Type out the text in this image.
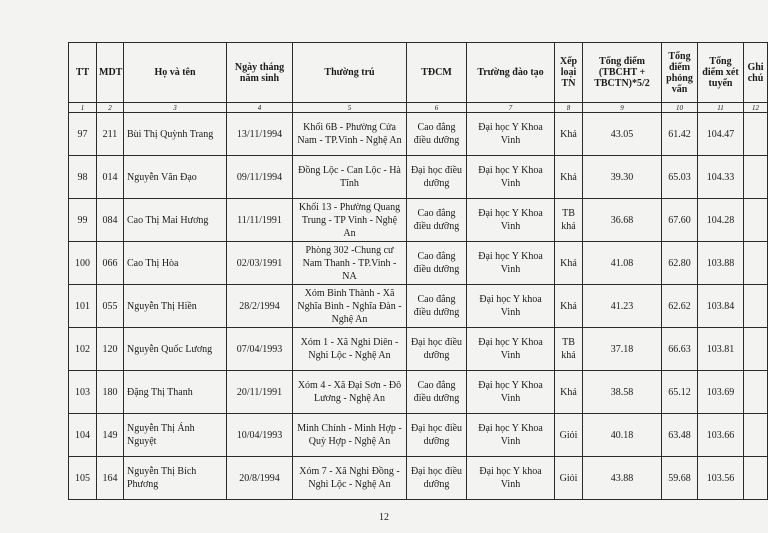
TT	MDT	Họ và tên	Ngày tháng năm sinh	Thường trú	TĐCM	Trường đào tạo	Xếp loại TN	Tổng điểm (TBCHT + TBCTN)*5/2	Tổng điểm phỏng vấn	Tổng điểm xét tuyển	Ghi chú
1	2	3	4	5	6	7	8	9	10	11	12
97	211	Bùi Thị Quỳnh Trang	13/11/1994	Khối 6B - Phường Cửa Nam - TP.Vinh - Nghệ An	Cao đẳng điều dưỡng	Đại học Y Khoa Vinh	Khá	43.05	61.42	104.47	
98	014	Nguyễn Văn Đạo	09/11/1994	Đồng Lộc - Can Lộc - Hà Tĩnh	Đại học điều dưỡng	Đại học Y Khoa Vinh	Khá	39.30	65.03	104.33	
99	084	Cao Thị Mai Hương	11/11/1991	Khối 13 - Phường Quang Trung - TP Vinh - Nghệ An	Cao đẳng điều dưỡng	Đại học Y Khoa Vinh	TB khá	36.68	67.60	104.28	
100	066	Cao Thị Hòa	02/03/1991	Phòng 302 -Chung cư Nam Thanh - TP.Vinh - NA	Cao đẳng điều dưỡng	Đại học Y Khoa Vinh	Khá	41.08	62.80	103.88	
101	055	Nguyễn Thị Hiền	28/2/1994	Xóm Bình Thành - Xã Nghĩa Bình - Nghĩa Đàn - Nghệ An	Cao đẳng điều dưỡng	Đại học Y khoa Vinh	Khá	41.23	62.62	103.84	
102	120	Nguyễn Quốc Lương	07/04/1993	Xóm 1 - Xã Nghi Diên - Nghi Lộc - Nghệ An	Đại học điều dưỡng	Đại học Y Khoa Vinh	TB khá	37.18	66.63	103.81	
103	180	Đặng Thị Thanh	20/11/1991	Xóm 4 - Xã Đại Sơn - Đô Lương - Nghệ An	Cao đẳng điều dưỡng	Đại học Y Khoa Vinh	Khá	38.58	65.12	103.69	
104	149	Nguyễn Thị Ánh Nguyệt	10/04/1993	Minh Chính - Minh Hợp - Quỳ Hợp - Nghệ An	Đại học điều dưỡng	Đại học Y Khoa Vinh	Giỏi	40.18	63.48	103.66	
105	164	Nguyễn Thị Bích Phương	20/8/1994	Xóm 7 - Xã Nghi Đồng - Nghi Lộc - Nghệ An	Đại học điều dưỡng	Đại học Y khoa Vinh	Giỏi	43.88	59.68	103.56	
12
